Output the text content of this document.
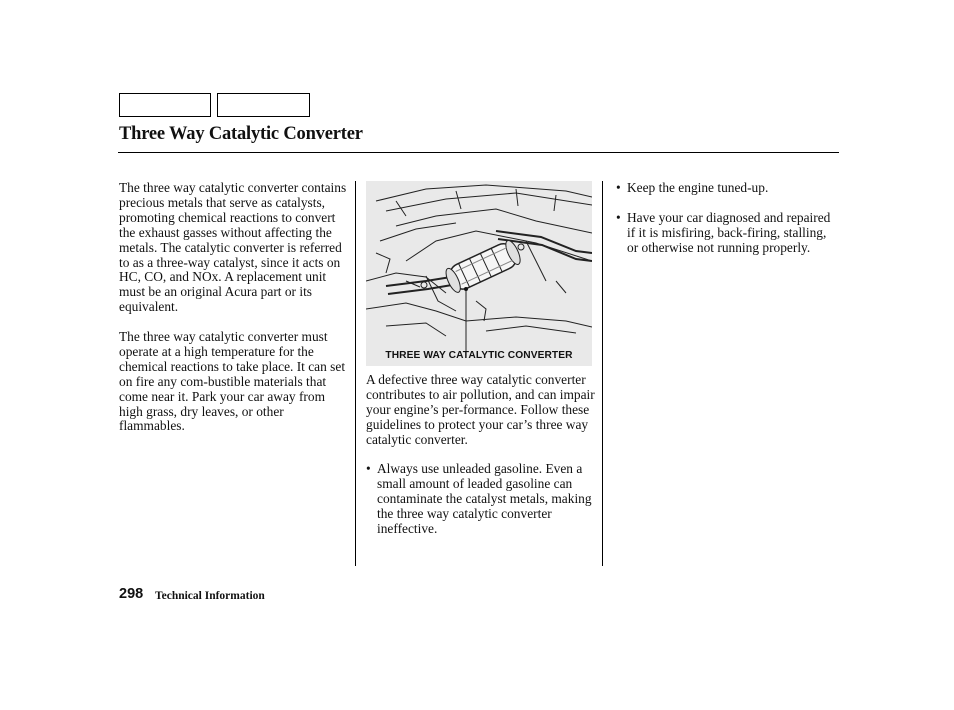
Three Way Catalytic Converter

The three way catalytic converter contains precious metals that serve as catalysts, promoting chemical reactions to convert the exhaust gasses without affecting the metals. The catalytic converter is referred to as a three-way catalyst, since it acts on HC, CO, and NOx. A replacement unit must be an original Acura part or its equivalent.

The three way catalytic converter must operate at a high temperature for the chemical reactions to take place. It can set on fire any com-bustible materials that come near it. Park your car away from high grass, dry leaves, or other flammables.

THREE WAY CATALYTIC CONVERTER

A defective three way catalytic converter contributes to air pollution, and can impair your engine’s per-formance. Follow these guidelines to protect your car’s three way catalytic converter.

• Always use unleaded gasoline. Even a small amount of leaded gasoline can contaminate the catalyst metals, making the three way catalytic converter ineffective.
• Keep the engine tuned-up.
• Have your car diagnosed and repaired if it is misfiring, back-firing, stalling, or otherwise not running properly.
298 Technical Information
